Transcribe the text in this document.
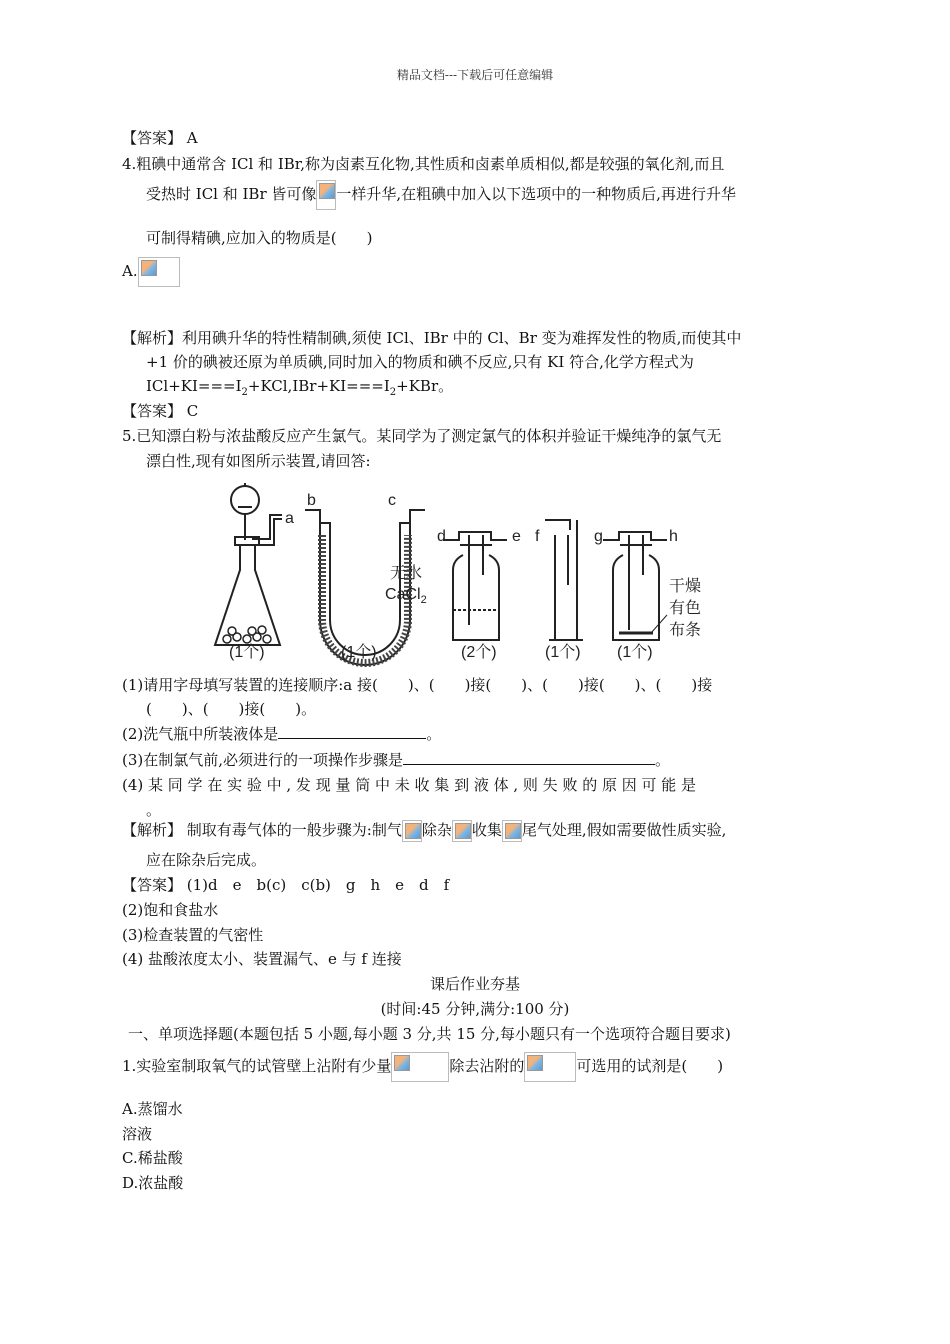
精品文档---下载后可任意编辑
【答案】 A
4.粗碘中通常含 ICl 和 IBr,称为卤素互化物,其性质和卤素单质相似,都是较强的氧化剂,而且
受热时 ICl 和 IBr 皆可像 一样升华,在粗碘中加入以下选项中的一种物质后,再进行升华
可制得精碘,应加入的物质是(　　)
A.
【解析】利用碘升华的特性精制碘,须使 ICl、IBr 中的 Cl、Br 变为难挥发性的物质,而使其中
+1 价的碘被还原为单质碘,同时加入的物质和碘不反应,只有 KI 符合,化学方程式为
$ICl+KI===I_2+KCl,IBr+KI===I_2+KBr$。
【答案】 C
5.已知漂白粉与浓盐酸反应产生氯气。某同学为了测定氯气的体积并验证干燥纯净的氯气无
漂白性,现有如图所示装置,请回答:
a
b	c
d	e f	g	h
无水
CaCl$_2$
干燥
有色
布条
(1个)	(1个)	(2个)	(1个) (1个)
(1)请用字母填写装置的连接顺序:a 接(　　)、(　　)接(　　)、(　　)接(　　)、(　　)接
(　　)、(　　)接(　　)。
(2)洗气瓶中所装液体是	。
(3)在制氯气前,必须进行的一项操作步骤是	。
(4) 某 同 学 在 实 验 中 , 发 现 量 筒 中 未 收 集 到 液 体 , 则 失 败 的 原 因 可 能 是
。
【解析】 制取有毒气体的一般步骤为:制气 除杂 收集 尾气处理,假如需要做性质实验,
应在除杂后完成。
【答案】 (1)d　e　b(c)　c(b)　g　h　e　d　f
(2)饱和食盐水
(3)检查装置的气密性
(4) 盐酸浓度太小、装置漏气、e 与 f 连接
课后作业夯基
(时间:45 分钟,满分:100 分)
一、单项选择题(本题包括 5 小题,每小题 3 分,共 15 分,每小题只有一个选项符合题目要求)
1.实验室制取氧气的试管壁上沾附有少量	除去沾附的	可选用的试剂是(　　)
A.蒸馏水
溶液
C.稀盐酸
D.浓盐酸
